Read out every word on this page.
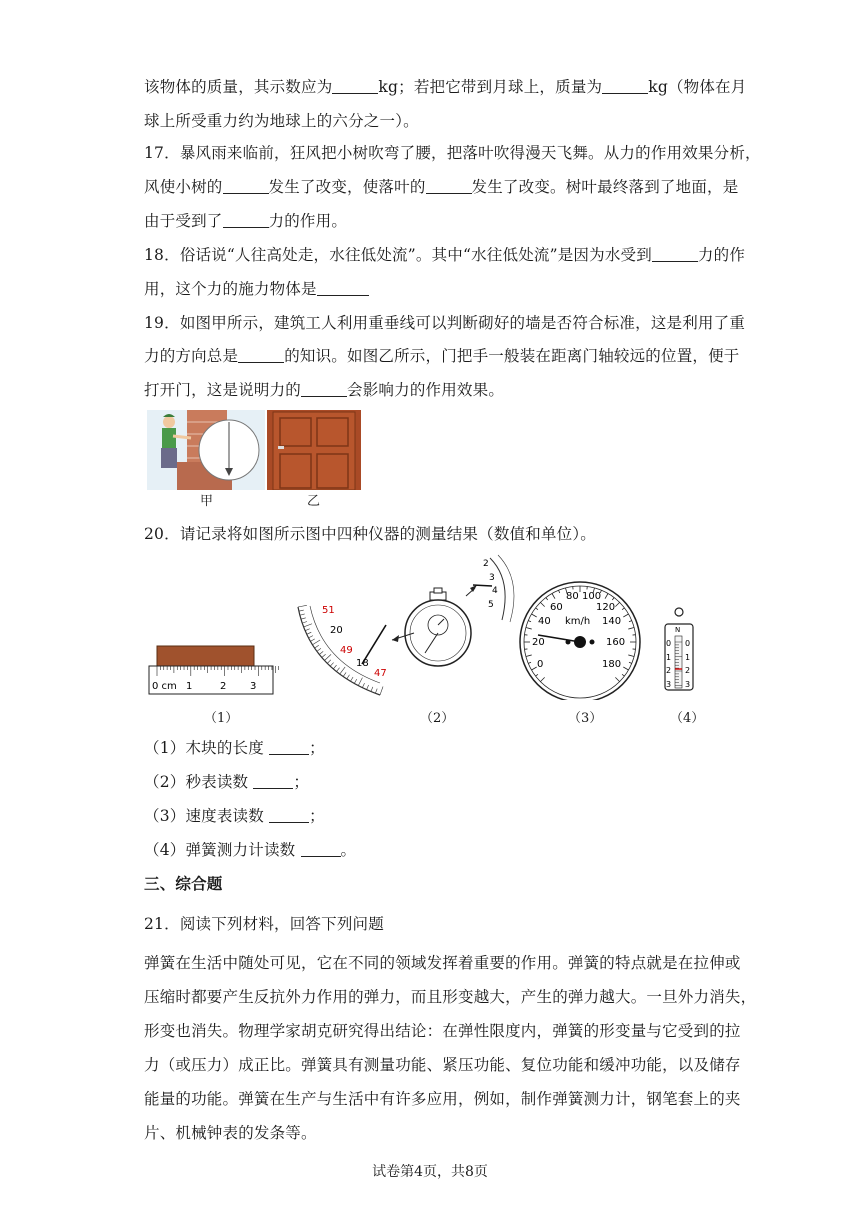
该物体的质量，其示数应为	kg；若把它带到月球上，质量为	kg（物体在月
球上所受重力约为地球上的六分之一）。
17．暴风雨来临前，狂风把小树吹弯了腰，把落叶吹得漫天飞舞。从力的作用效果分析，
风使小树的	发生了改变，使落叶的	发生了改变。树叶最终落到了地面，是
由于受到了	力的作用。
18．俗话说“人往高处走，水往低处流”。其中“水往低处流”是因为水受到	力的作
用，这个力的施力物体是
19．如图甲所示，建筑工人利用重垂线可以判断砌好的墙是否符合标准，这是利用了重
力的方向总是	的知识。如图乙所示，门把手一般装在距离门轴较远的位置，便于
打开门，这是说明力的	会影响力的作用效果。
甲	乙
20．请记录将如图所示图中四种仪器的测量结果（数值和单位）。
0 cm 1	2 3
51
20
49
18
47
2
3
4
5
0
20
40
60
80 100
120
140
160
180
km/h
N
0
1
2
3
0
1
2
3
（1）	（2）	（3）	（4）
（1）木块的长度	；
（2）秒表读数	；
（3）速度表读数	；
（4）弹簧测力计读数	。
三、综合题
21．阅读下列材料，回答下列问题
弹簧在生活中随处可见，它在不同的领域发挥着重要的作用。弹簧的特点就是在拉伸或
压缩时都要产生反抗外力作用的弹力，而且形变越大，产生的弹力越大。一旦外力消失，
形变也消失。物理学家胡克研究得出结论：在弹性限度内，弹簧的形变量与它受到的拉
力（或压力）成正比。弹簧具有测量功能、紧压功能、复位功能和缓冲功能，以及储存
能量的功能。弹簧在生产与生活中有许多应用，例如，制作弹簧测力计，钢笔套上的夹
片、机械钟表的发条等。
试卷第4页，共8页
